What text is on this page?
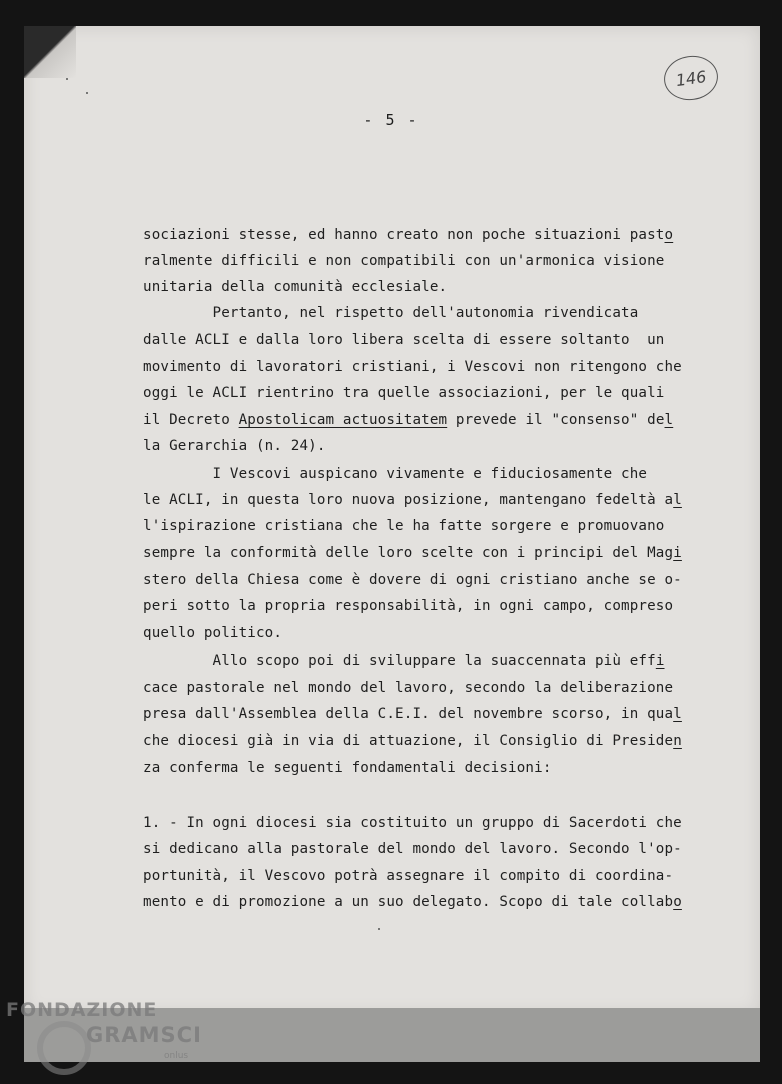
146
- 5 -
sociazioni stesse, ed hanno creato non poche situazioni pasto
ralmente difficili e non compatibili con un'armonica visione
unitaria della comunità ecclesiale.
Pertanto, nel rispetto dell'autonomia rivendicata
dalle ACLI e dalla loro libera scelta di essere soltanto  un
movimento di lavoratori cristiani, i Vescovi non ritengono che
oggi le ACLI rientrino tra quelle associazioni, per le quali
il Decreto Apostolicam actuositatem prevede il "consenso" del
la Gerarchia (n. 24).
I Vescovi auspicano vivamente e fiduciosamente che
le ACLI, in questa loro nuova posizione, mantengano fedeltà al
l'ispirazione cristiana che le ha fatte sorgere e promuovano
sempre la conformità delle loro scelte con i principi del Magi
stero della Chiesa come è dovere di ogni cristiano anche se o-
peri sotto la propria responsabilità, in ogni campo, compreso
quello politico.
Allo scopo poi di sviluppare la suaccennata più effi
cace pastorale nel mondo del lavoro, secondo la deliberazione
presa dall'Assemblea della C.E.I. del novembre scorso, in qual
che diocesi già in via di attuazione, il Consiglio di Presiden
za conferma le seguenti fondamentali decisioni:
1. - In ogni diocesi sia costituito un gruppo di Sacerdoti che
si dedicano alla pastorale del mondo del lavoro. Secondo l'op-
portunità, il Vescovo potrà assegnare il compito di coordina-
mento e di promozione a un suo delegato. Scopo di tale collabo
FONDAZIONE
GRAMSCI
onlus
